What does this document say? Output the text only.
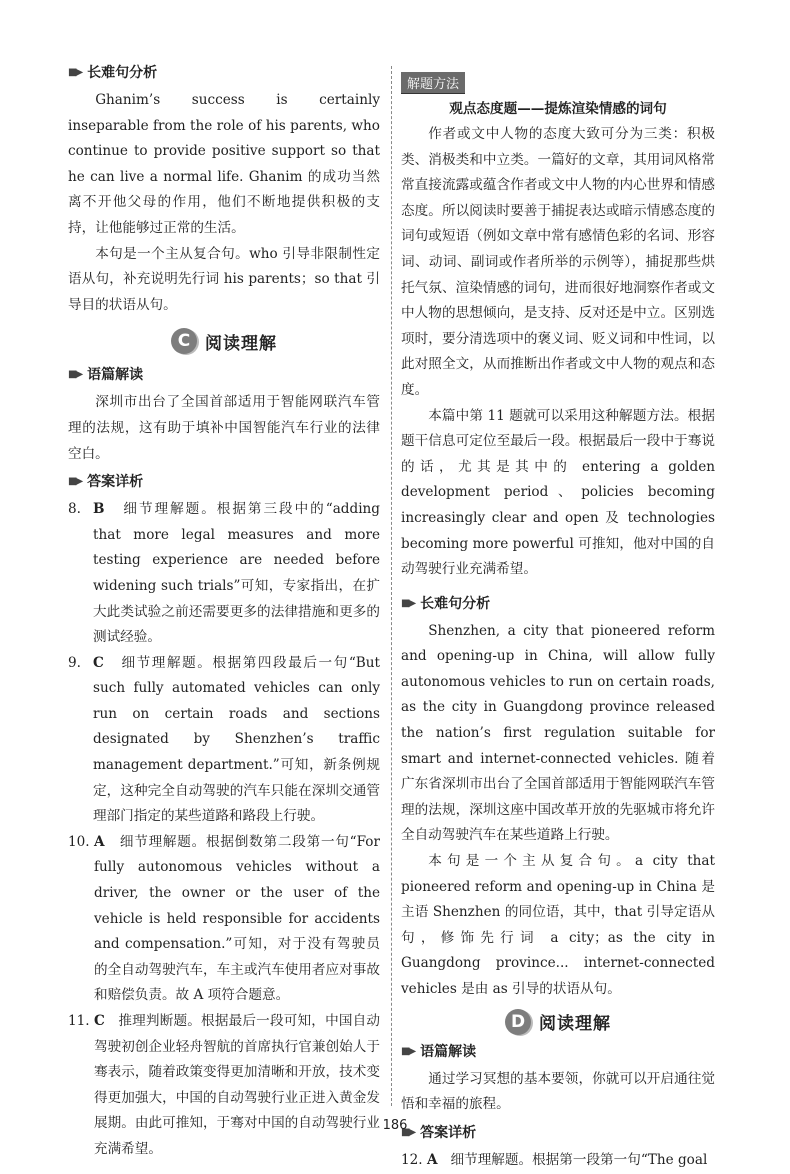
■▶ 长难句分析

Ghanim’s success is certainly inseparable from the role of his parents, who continue to provide positive support so that he can live a normal life. Ghanim 的成功当然离不开他父母的作用，他们不断地提供积极的支持，让他能够过正常的生活。

本句是一个主从复合句。who 引导非限制性定语从句，补充说明先行词 his parents；so that 引导目的状语从句。

C 阅读理解
■▶ 语篇解读

深圳市出台了全国首部适用于智能网联汽车管理的法规，这有助于填补中国智能汽车行业的法律空白。

■▶ 答案详析
8. B 细节理解题。根据第三段中的“adding that more legal measures and more testing experience are needed before widening such trials”可知，专家指出，在扩大此类试验之前还需要更多的法律措施和更多的测试经验。
9. C 细节理解题。根据第四段最后一句“But such fully automated vehicles can only run on certain roads and sections designated by Shenzhen’s traffic management department.”可知，新条例规定，这种完全自动驾驶的汽车只能在深圳交通管理部门指定的某些道路和路段上行驶。
10. A 细节理解题。根据倒数第二段第一句“For fully autonomous vehicles without a driver, the owner or the user of the vehicle is held responsible for accidents and compensation.”可知，对于没有驾驶员的全自动驾驶汽车，车主或汽车使用者应对事故和赔偿负责。故 A 项符合题意。
11. C 推理判断题。根据最后一段可知，中国自动驾驶初创企业轻舟智航的首席执行官兼创始人于骞表示，随着政策变得更加清晰和开放，技术变得更加强大，中国的自动驾驶行业正进入黄金发展期。由此可推知，于骞对中国的自动驾驶行业充满希望。
解题方法
观点态度题——提炼渲染情感的词句

作者或文中人物的态度大致可分为三类：积极类、消极类和中立类。一篇好的文章，其用词风格常常直接流露或蕴含作者或文中人物的内心世界和情感态度。所以阅读时要善于捕捉表达或暗示情感态度的词句或短语（例如文章中常有感情色彩的名词、形容词、动词、副词或作者所举的示例等），捕捉那些烘托气氛、渲染情感的词句，进而很好地洞察作者或文中人物的思想倾向，是支持、反对还是中立。区别选项时，要分清选项中的褒义词、贬义词和中性词，以此对照全文，从而推断出作者或文中人物的观点和态度。

本篇中第 11 题就可以采用这种解题方法。根据题干信息可定位至最后一段。根据最后一段中于骞说的话，尤其是其中的 entering a golden development period、policies becoming increasingly clear and open 及 technologies becoming more powerful 可推知，他对中国的自动驾驶行业充满希望。

■▶ 长难句分析

Shenzhen, a city that pioneered reform and opening-up in China, will allow fully autonomous vehicles to run on certain roads, as the city in Guangdong province released the nation’s first regulation suitable for smart and internet-connected vehicles. 随着广东省深圳市出台了全国首部适用于智能网联汽车管理的法规，深圳这座中国改革开放的先驱城市将允许全自动驾驶汽车在某些道路上行驶。

本句是一个主从复合句。a city that pioneered reform and opening-up in China 是主语 Shenzhen 的同位语，其中，that 引导定语从句，修饰先行词 a city；as the city in Guangdong province... internet-connected vehicles 是由 as 引导的状语从句。

D 阅读理解
■▶ 语篇解读

通过学习冥想的基本要领，你就可以开启通往觉悟和幸福的旅程。

■▶ 答案详析
12. A 细节理解题。根据第一段第一句“The goal
186
